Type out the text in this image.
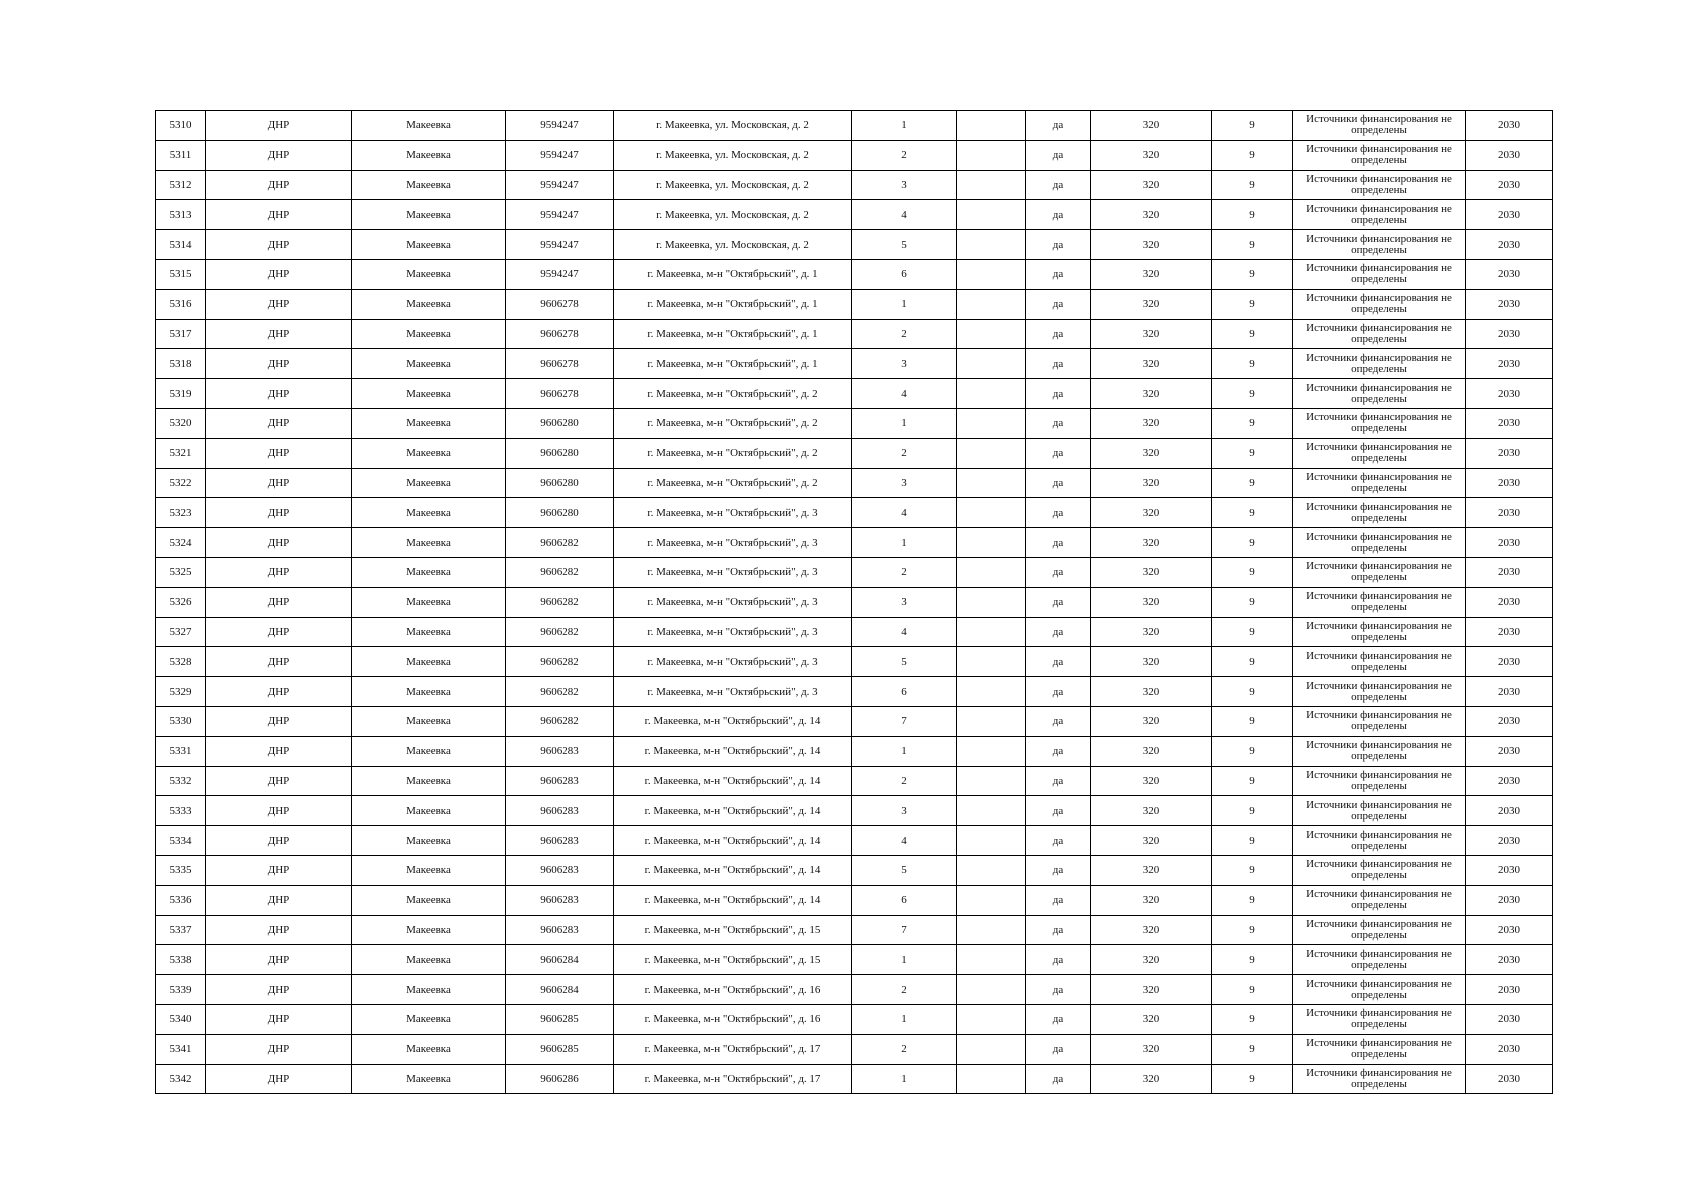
5310	ДНР	Макеевка	9594247	г. Макеевка, ул. Московская, д. 2	1		да	320	9	Источники финансирования не определены	2030
5311	ДНР	Макеевка	9594247	г. Макеевка, ул. Московская, д. 2	2		да	320	9	Источники финансирования не определены	2030
5312	ДНР	Макеевка	9594247	г. Макеевка, ул. Московская, д. 2	3		да	320	9	Источники финансирования не определены	2030
5313	ДНР	Макеевка	9594247	г. Макеевка, ул. Московская, д. 2	4		да	320	9	Источники финансирования не определены	2030
5314	ДНР	Макеевка	9594247	г. Макеевка, ул. Московская, д. 2	5		да	320	9	Источники финансирования не определены	2030
5315	ДНР	Макеевка	9594247	г. Макеевка, м-н "Октябрьский", д. 1	6		да	320	9	Источники финансирования не определены	2030
5316	ДНР	Макеевка	9606278	г. Макеевка, м-н "Октябрьский", д. 1	1		да	320	9	Источники финансирования не определены	2030
5317	ДНР	Макеевка	9606278	г. Макеевка, м-н "Октябрьский", д. 1	2		да	320	9	Источники финансирования не определены	2030
5318	ДНР	Макеевка	9606278	г. Макеевка, м-н "Октябрьский", д. 1	3		да	320	9	Источники финансирования не определены	2030
5319	ДНР	Макеевка	9606278	г. Макеевка, м-н "Октябрьский", д. 2	4		да	320	9	Источники финансирования не определены	2030
5320	ДНР	Макеевка	9606280	г. Макеевка, м-н "Октябрьский", д. 2	1		да	320	9	Источники финансирования не определены	2030
5321	ДНР	Макеевка	9606280	г. Макеевка, м-н "Октябрьский", д. 2	2		да	320	9	Источники финансирования не определены	2030
5322	ДНР	Макеевка	9606280	г. Макеевка, м-н "Октябрьский", д. 2	3		да	320	9	Источники финансирования не определены	2030
5323	ДНР	Макеевка	9606280	г. Макеевка, м-н "Октябрьский", д. 3	4		да	320	9	Источники финансирования не определены	2030
5324	ДНР	Макеевка	9606282	г. Макеевка, м-н "Октябрьский", д. 3	1		да	320	9	Источники финансирования не определены	2030
5325	ДНР	Макеевка	9606282	г. Макеевка, м-н "Октябрьский", д. 3	2		да	320	9	Источники финансирования не определены	2030
5326	ДНР	Макеевка	9606282	г. Макеевка, м-н "Октябрьский", д. 3	3		да	320	9	Источники финансирования не определены	2030
5327	ДНР	Макеевка	9606282	г. Макеевка, м-н "Октябрьский", д. 3	4		да	320	9	Источники финансирования не определены	2030
5328	ДНР	Макеевка	9606282	г. Макеевка, м-н "Октябрьский", д. 3	5		да	320	9	Источники финансирования не определены	2030
5329	ДНР	Макеевка	9606282	г. Макеевка, м-н "Октябрьский", д. 3	6		да	320	9	Источники финансирования не определены	2030
5330	ДНР	Макеевка	9606282	г. Макеевка, м-н "Октябрьский", д. 14	7		да	320	9	Источники финансирования не определены	2030
5331	ДНР	Макеевка	9606283	г. Макеевка, м-н "Октябрьский", д. 14	1		да	320	9	Источники финансирования не определены	2030
5332	ДНР	Макеевка	9606283	г. Макеевка, м-н "Октябрьский", д. 14	2		да	320	9	Источники финансирования не определены	2030
5333	ДНР	Макеевка	9606283	г. Макеевка, м-н "Октябрьский", д. 14	3		да	320	9	Источники финансирования не определены	2030
5334	ДНР	Макеевка	9606283	г. Макеевка, м-н "Октябрьский", д. 14	4		да	320	9	Источники финансирования не определены	2030
5335	ДНР	Макеевка	9606283	г. Макеевка, м-н "Октябрьский", д. 14	5		да	320	9	Источники финансирования не определены	2030
5336	ДНР	Макеевка	9606283	г. Макеевка, м-н "Октябрьский", д. 14	6		да	320	9	Источники финансирования не определены	2030
5337	ДНР	Макеевка	9606283	г. Макеевка, м-н "Октябрьский", д. 15	7		да	320	9	Источники финансирования не определены	2030
5338	ДНР	Макеевка	9606284	г. Макеевка, м-н "Октябрьский", д. 15	1		да	320	9	Источники финансирования не определены	2030
5339	ДНР	Макеевка	9606284	г. Макеевка, м-н "Октябрьский", д. 16	2		да	320	9	Источники финансирования не определены	2030
5340	ДНР	Макеевка	9606285	г. Макеевка, м-н "Октябрьский", д. 16	1		да	320	9	Источники финансирования не определены	2030
5341	ДНР	Макеевка	9606285	г. Макеевка, м-н "Октябрьский", д. 17	2		да	320	9	Источники финансирования не определены	2030
5342	ДНР	Макеевка	9606286	г. Макеевка, м-н "Октябрьский", д. 17	1		да	320	9	Источники финансирования не определены	2030
